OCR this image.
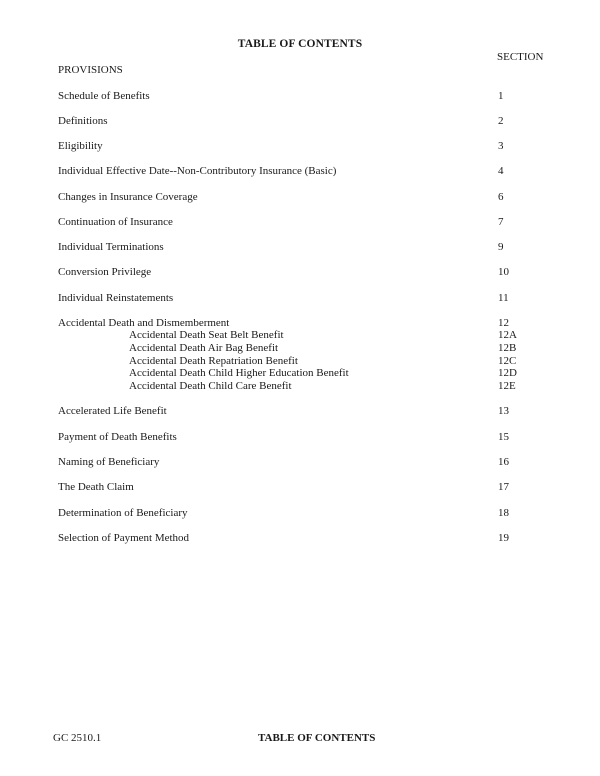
TABLE OF CONTENTS
SECTION
PROVISIONS
Schedule of Benefits	1
Definitions	2
Eligibility	3
Individual Effective Date--Non-Contributory Insurance (Basic)	4
Changes in Insurance Coverage	6
Continuation of Insurance	7
Individual Terminations	9
Conversion Privilege	10
Individual Reinstatements	11
Accidental Death and Dismemberment	12
Accidental Death Seat Belt Benefit	12A
Accidental Death Air Bag Benefit	12B
Accidental Death Repatriation Benefit	12C
Accidental Death Child Higher Education Benefit	12D
Accidental Death Child Care Benefit	12E
Accelerated Life Benefit	13
Payment of Death Benefits	15
Naming of Beneficiary	16
The Death Claim	17
Determination of Beneficiary	18
Selection of Payment Method	19
GC 2510.1	TABLE OF CONTENTS
